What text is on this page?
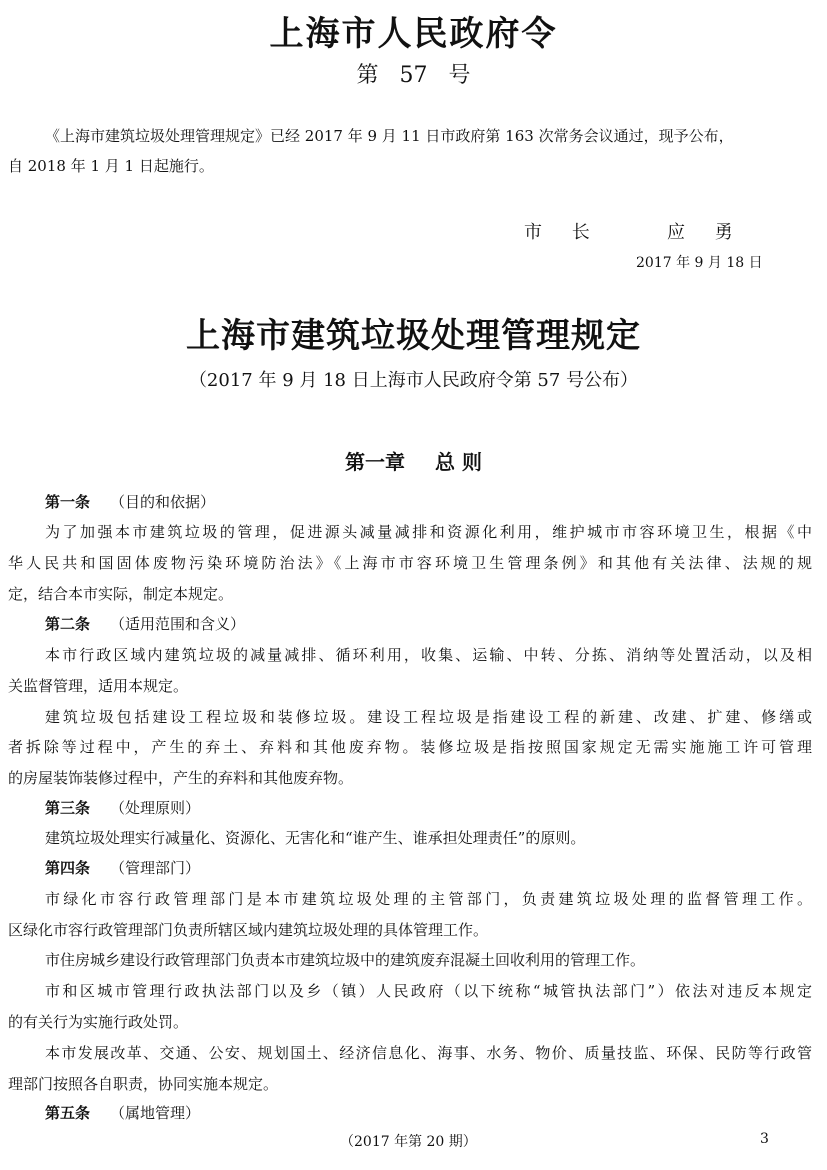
上海市人民政府令
第 57 号
《上海市建筑垃圾处理管理规定》已经 2017 年 9 月 11 日市政府第 163 次常务会议通过，现予公布，
自 2018 年 1 月 1 日起施行。
市 长	应 勇
2017 年 9 月 18 日
上海市建筑垃圾处理管理规定
（2017 年 9 月 18 日上海市人民政府令第 57 号公布）
第一章 总 则
第一条 （目的和依据）
为了加强本市建筑垃圾的管理，促进源头减量减排和资源化利用，维护城市市容环境卫生，根据《中
华人民共和国固体废物污染环境防治法》《上海市市容环境卫生管理条例》和其他有关法律、法规的规
定，结合本市实际，制定本规定。
第二条 （适用范围和含义）
本市行政区域内建筑垃圾的减量减排、循环利用，收集、运输、中转、分拣、消纳等处置活动，以及相
关监督管理，适用本规定。
建筑垃圾包括建设工程垃圾和装修垃圾。建设工程垃圾是指建设工程的新建、改建、扩建、修缮或
者拆除等过程中，产生的弃土、弃料和其他废弃物。装修垃圾是指按照国家规定无需实施施工许可管理
的房屋装饰装修过程中，产生的弃料和其他废弃物。
第三条 （处理原则）
建筑垃圾处理实行减量化、资源化、无害化和“谁产生、谁承担处理责任”的原则。
第四条 （管理部门）
市绿化市容行政管理部门是本市建筑垃圾处理的主管部门，负责建筑垃圾处理的监督管理工作。
区绿化市容行政管理部门负责所辖区域内建筑垃圾处理的具体管理工作。
市住房城乡建设行政管理部门负责本市建筑垃圾中的建筑废弃混凝土回收利用的管理工作。
市和区城市管理行政执法部门以及乡（镇）人民政府（以下统称“城管执法部门”）依法对违反本规定
的有关行为实施行政处罚。
本市发展改革、交通、公安、规划国土、经济信息化、海事、水务、物价、质量技监、环保、民防等行政管
理部门按照各自职责，协同实施本规定。
第五条 （属地管理）
（2017 年第 20 期）	3
